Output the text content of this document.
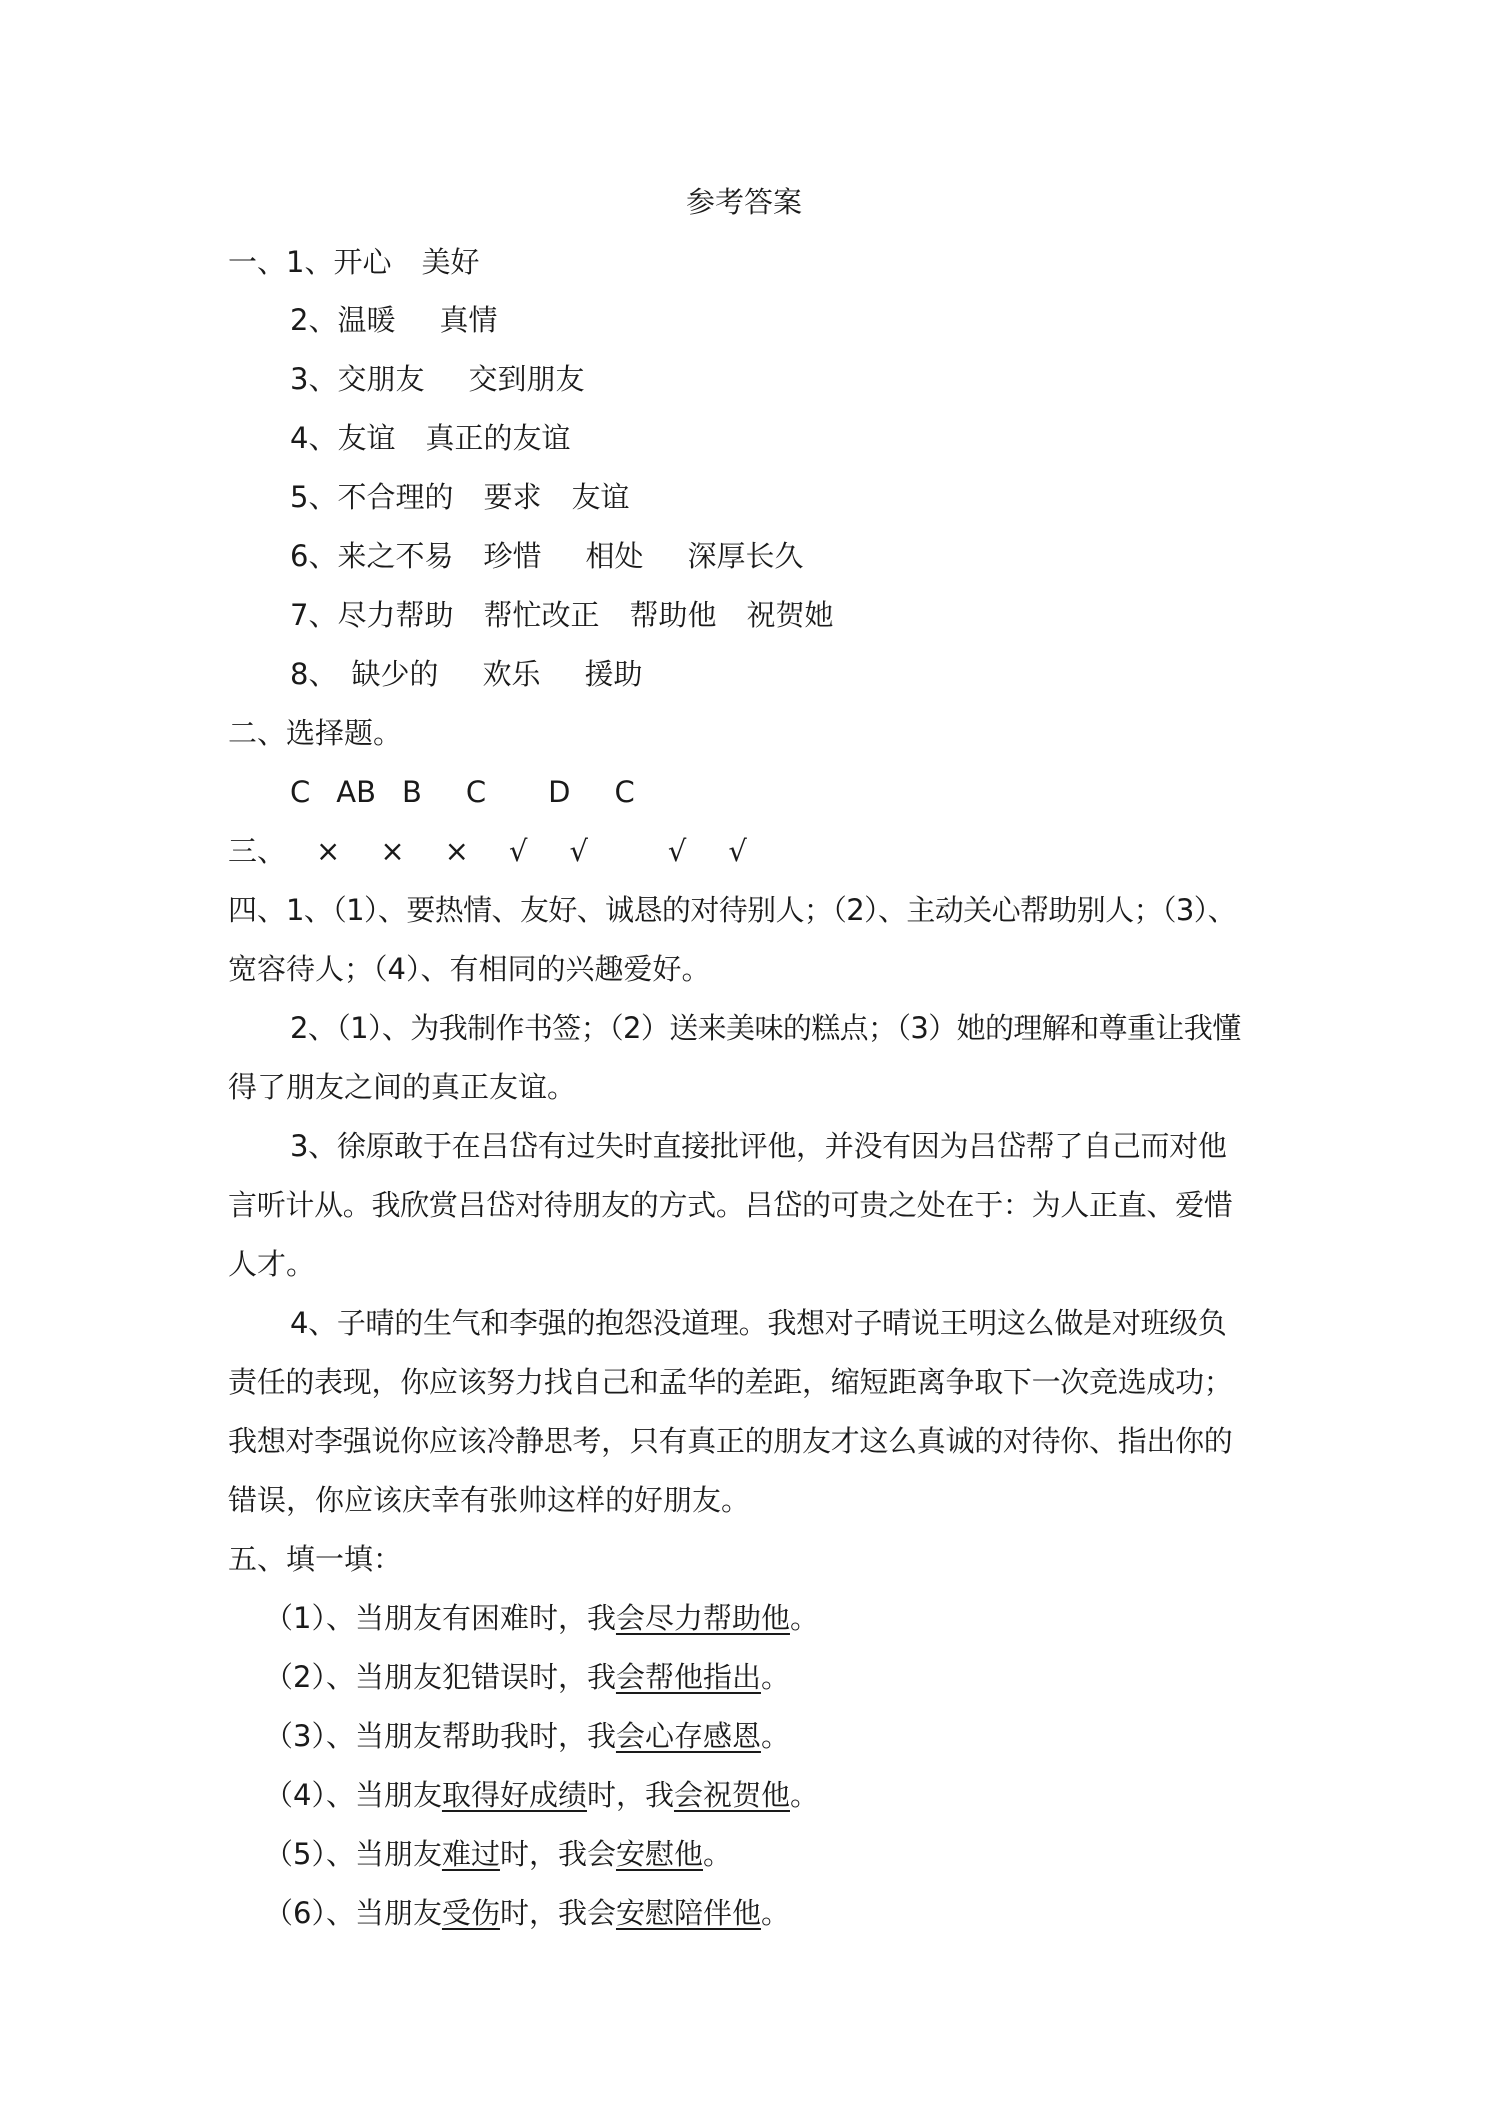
参考答案
一、1、开心 美好
2、温暖 真情
3、交朋友 交到朋友
4、友谊 真正的友谊
5、不合理的 要求 友谊
6、来之不易 珍惜 相处 深厚长久
7、尽力帮助 帮忙改正 帮助他 祝贺她
8、 缺少的 欢乐 援助
二、选择题。
C AB B C D C
三、 × × × √ √	√ √
四、1、（1）、要热情、友好、诚恳的对待别人；（2）、主动关心帮助别人；（3）、
宽容待人；（4）、有相同的兴趣爱好。
2、（1）、为我制作书签；（2）送来美味的糕点；（3）她的理解和尊重让我懂
得了朋友之间的真正友谊。
3、徐原敢于在吕岱有过失时直接批评他，并没有因为吕岱帮了自己而对他
言听计从。我欣赏吕岱对待朋友的方式。吕岱的可贵之处在于：为人正直、爱惜
人才。
4、子晴的生气和李强的抱怨没道理。我想对子晴说王明这么做是对班级负
责任的表现，你应该努力找自己和孟华的差距，缩短距离争取下一次竞选成功；
我想对李强说你应该冷静思考，只有真正的朋友才这么真诚的对待你、指出你的
错误，你应该庆幸有张帅这样的好朋友。
五、填一填：
（1）、当朋友有困难时，我会尽力帮助他。
（2）、当朋友犯错误时，我会帮他指出。
（3）、当朋友帮助我时，我会心存感恩。
（4）、当朋友取得好成绩时，我会祝贺他。
（5）、当朋友难过时，我会安慰他。
（6）、当朋友受伤时，我会安慰陪伴他。
